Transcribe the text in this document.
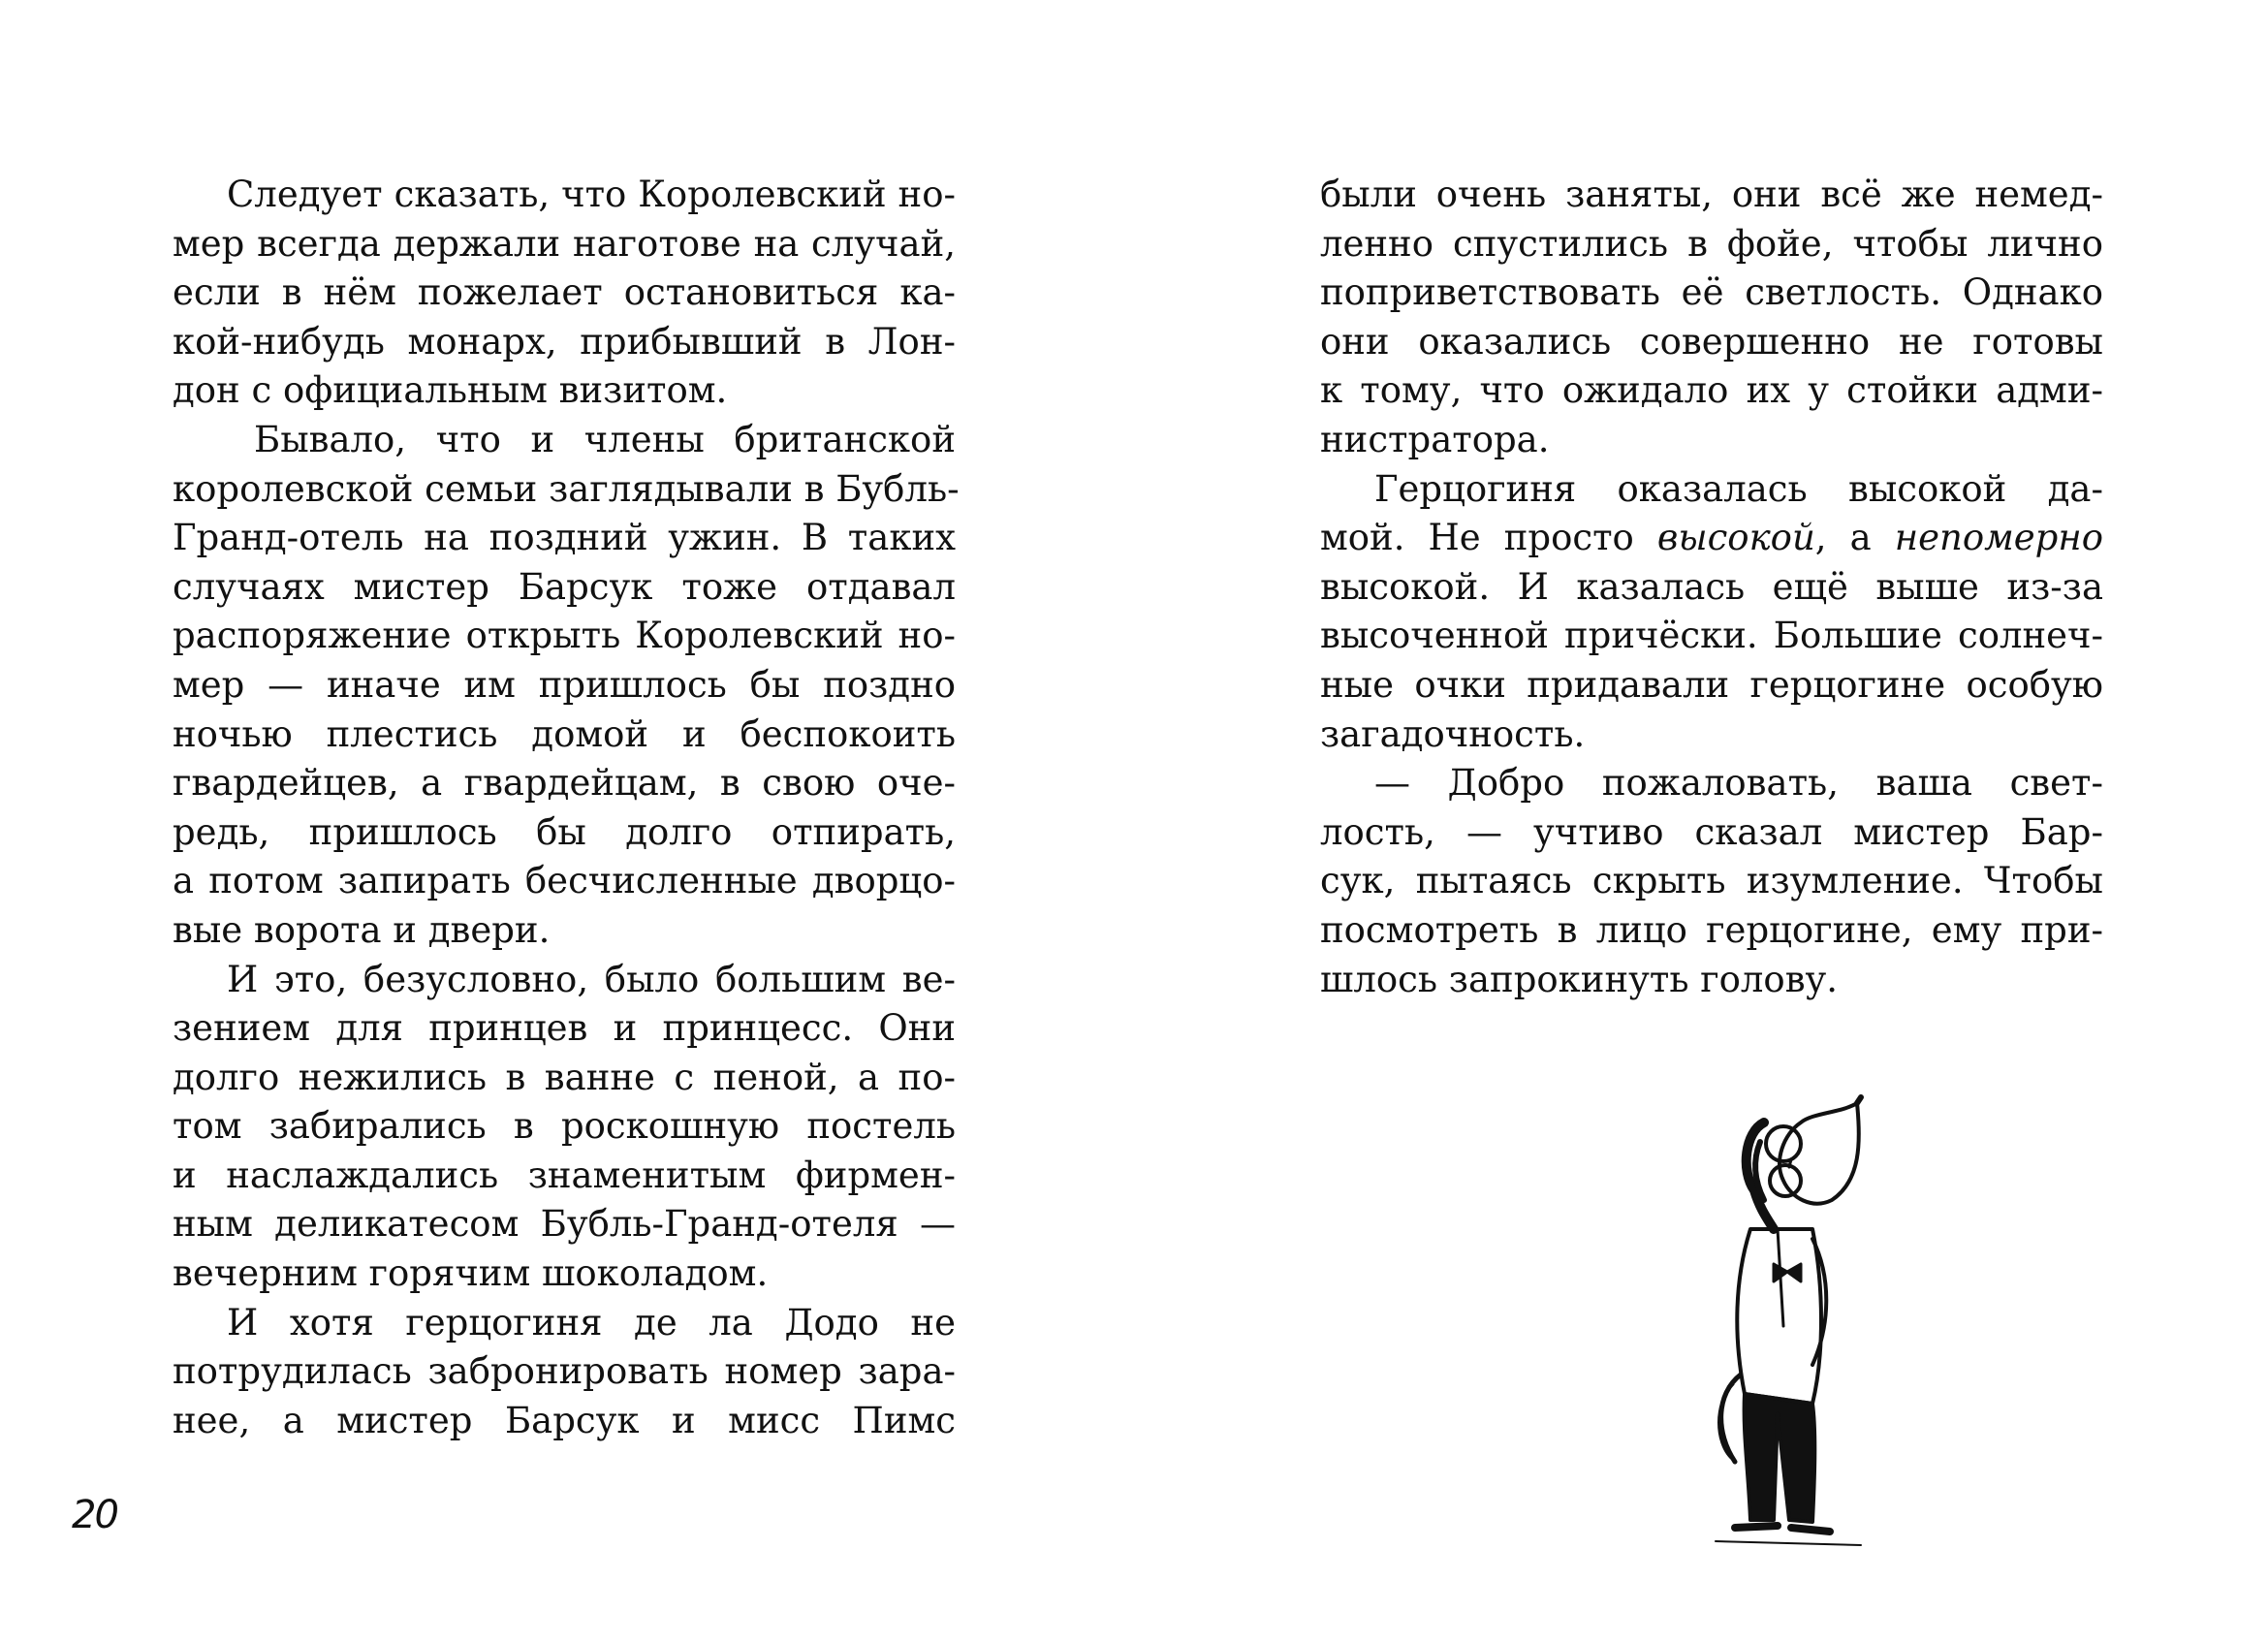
Следует сказать, что Королевский но-
мер всегда держали наготове на случай,
если в нём пожелает остановиться ка-
кой-нибудь монарх, прибывший в Лон-
дон с официальным визитом.
Бывало, что и члены британской
королевской семьи заглядывали в Бубль-
Гранд-отель на поздний ужин. В таких
случаях мистер Барсук тоже отдавал
распоряжение открыть Королевский но-
мер — иначе им пришлось бы поздно
ночью плестись домой и беспокоить
гвардейцев, а гвардейцам, в свою оче-
редь, пришлось бы долго отпирать,
а потом запирать бесчисленные дворцо-
вые ворота и двери.
И это, безусловно, было большим ве-
зением для принцев и принцесс. Они
долго нежились в ванне с пеной, а по-
том забирались в роскошную постель
и наслаждались знаменитым фирмен-
ным деликатесом Бубль-Гранд-отеля —
вечерним горячим шоколадом.
И хотя герцогиня де ла Додо не
потрудилась забронировать номер зара-
нее, а мистер Барсук и мисс Пимс
20
были очень заняты, они всё же немед-
ленно спустились в фойе, чтобы лично
поприветствовать её светлость. Однако
они оказались совершенно не готовы
к тому, что ожидало их у стойки адми-
нистратора.
Герцогиня оказалась высокой да-
мой. Не просто высокой, а непомерно
высокой. И казалась ещё выше из-за
высоченной причёски. Большие солнеч-
ные очки придавали герцогине особую
загадочность.
— Добро пожаловать, ваша свет-
лость, — учтиво сказал мистер Бар-
сук, пытаясь скрыть изумление. Чтобы
посмотреть в лицо герцогине, ему при-
шлось запрокинуть голову.
